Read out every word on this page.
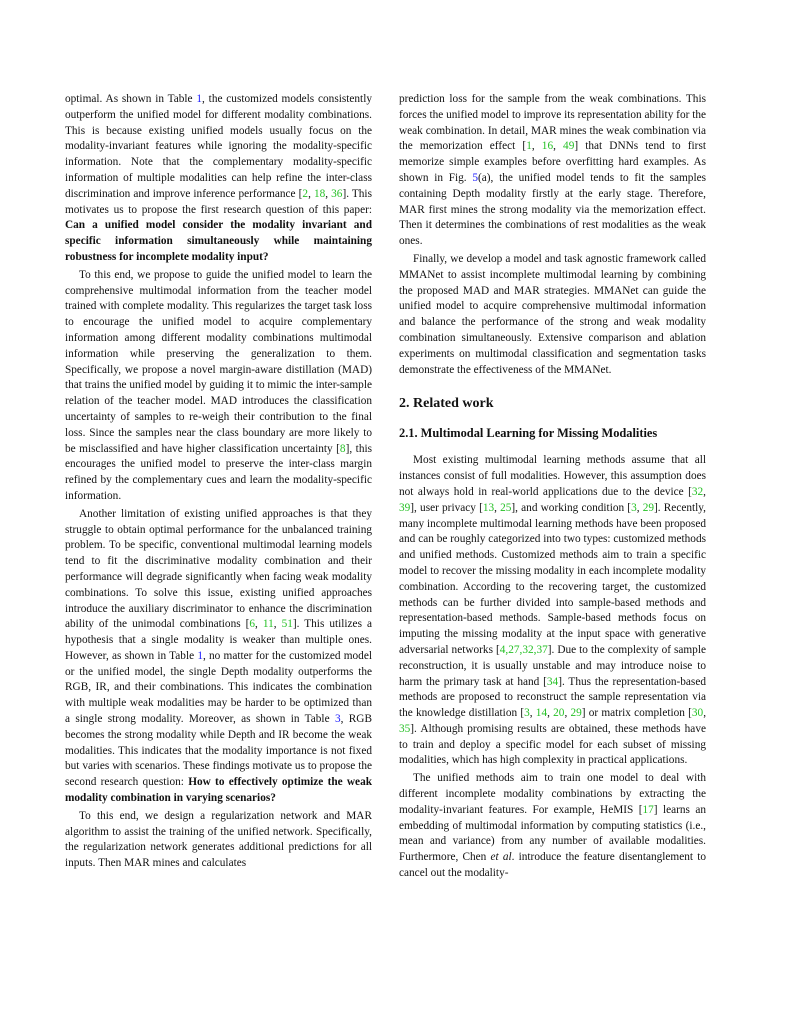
optimal. As shown in Table 1, the customized models consistently outperform the unified model for different modality combinations. This is because existing unified models usually focus on the modality-invariant features while ignoring the modality-specific information. Note that the complementary modality-specific information of multiple modalities can help refine the inter-class discrimination and improve inference performance [2, 18, 36]. This motivates us to propose the first research question of this paper: Can a unified model consider the modality invariant and specific information simultaneously while maintaining robustness for incomplete modality input?

To this end, we propose to guide the unified model to learn the comprehensive multimodal information from the teacher model trained with complete modality. This regularizes the target task loss to encourage the unified model to acquire complementary information among different modality combinations multimodal information while preserving the generalization to them. Specifically, we propose a novel margin-aware distillation (MAD) that trains the unified model by guiding it to mimic the inter-sample relation of the teacher model. MAD introduces the classification uncertainty of samples to re-weigh their contribution to the final loss. Since the samples near the class boundary are more likely to be misclassified and have higher classification uncertainty [8], this encourages the unified model to preserve the inter-class margin refined by the complementary cues and learn the modality-specific information.

Another limitation of existing unified approaches is that they struggle to obtain optimal performance for the unbalanced training problem. To be specific, conventional multimodal learning models tend to fit the discriminative modality combination and their performance will degrade significantly when facing weak modality combinations. To solve this issue, existing unified approaches introduce the auxiliary discriminator to enhance the discrimination ability of the unimodal combinations [6, 11, 51]. This utilizes a hypothesis that a single modality is weaker than multiple ones. However, as shown in Table 1, no matter for the customized model or the unified model, the single Depth modality outperforms the RGB, IR, and their combinations. This indicates the combination with multiple weak modalities may be harder to be optimized than a single strong modality. Moreover, as shown in Table 3, RGB becomes the strong modality while Depth and IR become the weak modalities. This indicates that the modality importance is not fixed but varies with scenarios. These findings motivate us to propose the second research question: How to effectively optimize the weak modality combination in varying scenarios?

To this end, we design a regularization network and MAR algorithm to assist the training of the unified network. Specifically, the regularization network generates additional predictions for all inputs. Then MAR mines and calculates

prediction loss for the sample from the weak combinations. This forces the unified model to improve its representation ability for the weak combination. In detail, MAR mines the weak combination via the memorization effect [1, 16, 49] that DNNs tend to first memorize simple examples before overfitting hard examples. As shown in Fig. 5(a), the unified model tends to fit the samples containing Depth modality firstly at the early stage. Therefore, MAR first mines the strong modality via the memorization effect. Then it determines the combinations of rest modalities as the weak ones.

Finally, we develop a model and task agnostic framework called MMANet to assist incomplete multimodal learning by combining the proposed MAD and MAR strategies. MMANet can guide the unified model to acquire comprehensive multimodal information and balance the performance of the strong and weak modality combination simultaneously. Extensive comparison and ablation experiments on multimodal classification and segmentation tasks demonstrate the effectiveness of the MMANet.

2. Related work
2.1. Multimodal Learning for Missing Modalities

Most existing multimodal learning methods assume that all instances consist of full modalities. However, this assumption does not always hold in real-world applications due to the device [32, 39], user privacy [13, 25], and working condition [3, 29]. Recently, many incomplete multimodal learning methods have been proposed and can be roughly categorized into two types: customized methods and unified methods. Customized methods aim to train a specific model to recover the missing modality in each incomplete modality combination. According to the recovering target, the customized methods can be further divided into sample-based methods and representation-based methods. Sample-based methods focus on imputing the missing modality at the input space with generative adversarial networks [4,27,32,37]. Due to the complexity of sample reconstruction, it is usually unstable and may introduce noise to harm the primary task at hand [34]. Thus the representation-based methods are proposed to reconstruct the sample representation via the knowledge distillation [3, 14, 20, 29] or matrix completion [30, 35]. Although promising results are obtained, these methods have to train and deploy a specific model for each subset of missing modalities, which has high complexity in practical applications.

The unified methods aim to train one model to deal with different incomplete modality combinations by extracting the modality-invariant features. For example, HeMIS [17] learns an embedding of multimodal information by computing statistics (i.e., mean and variance) from any number of available modalities. Furthermore, Chen et al. introduce the feature disentanglement to cancel out the modality-
